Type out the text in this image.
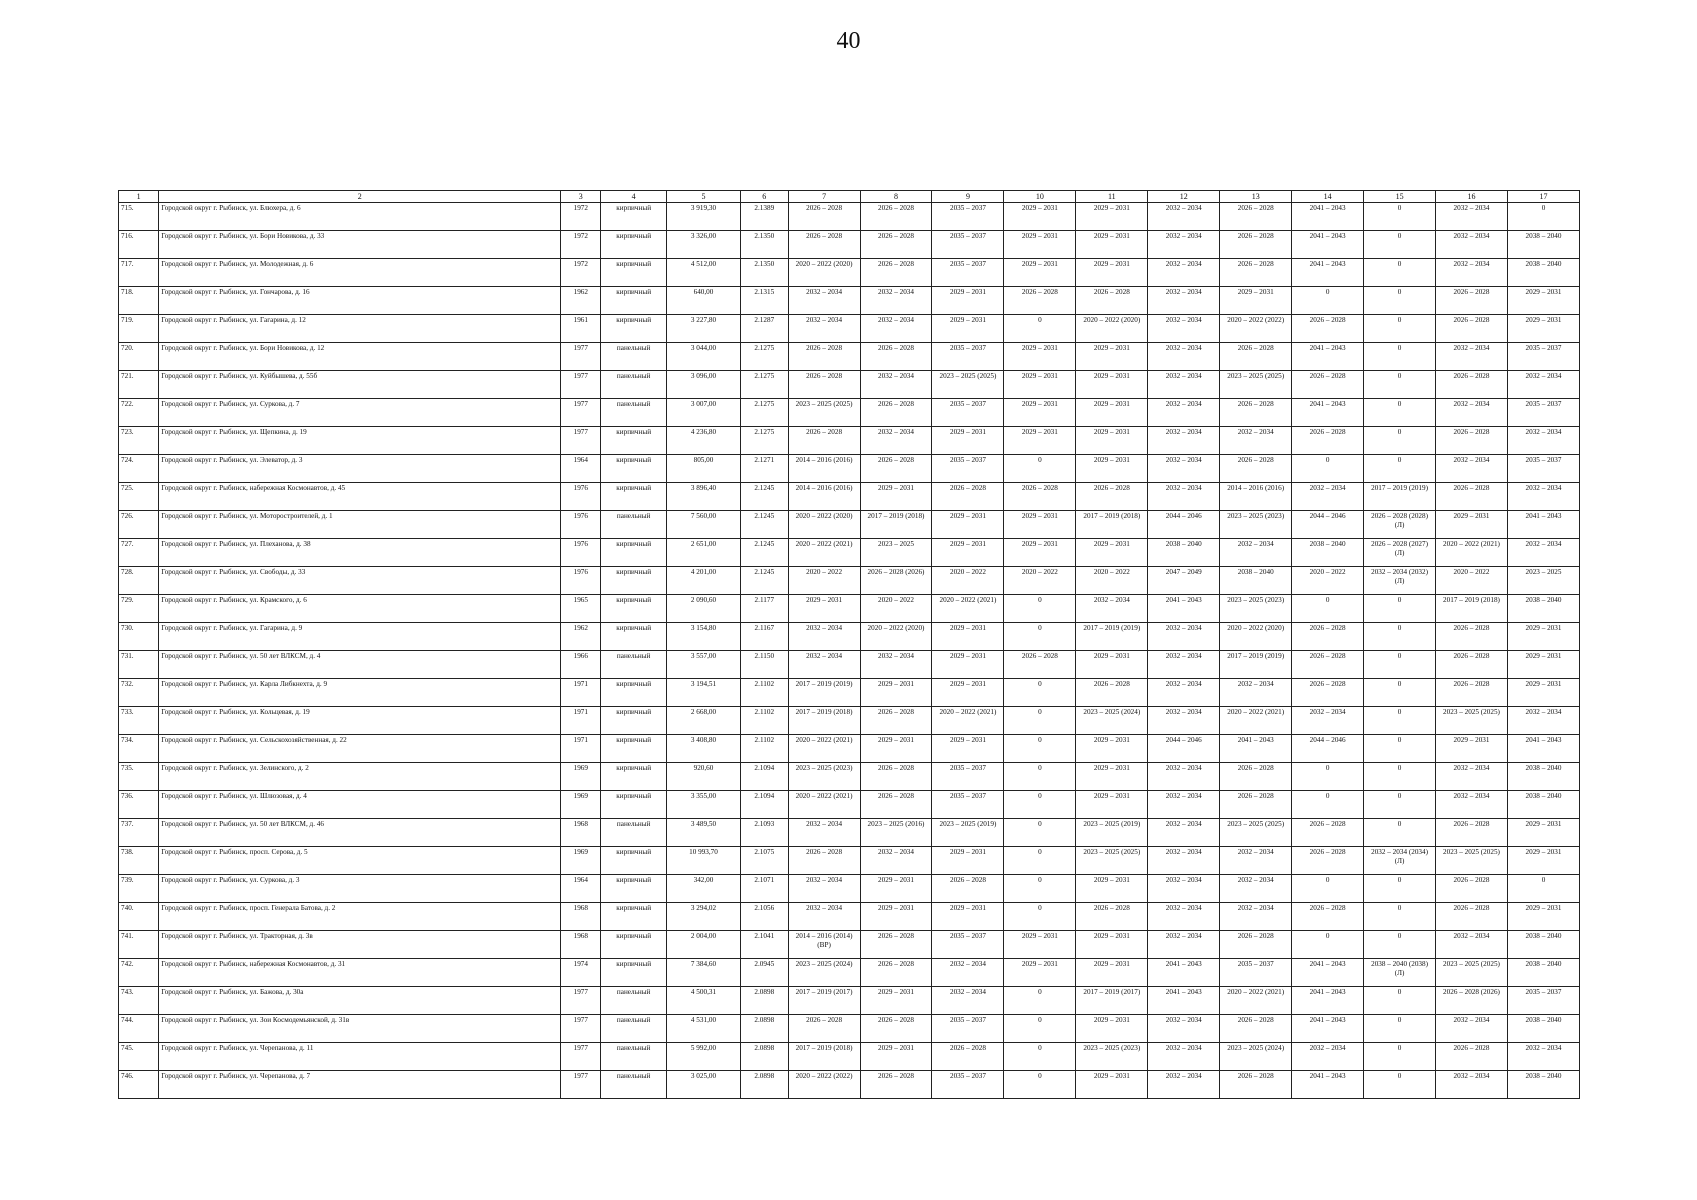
40
1	2	3	4	5	6	7	8	9	10	11	12	13	14	15	16	17
715.	Городской округ г. Рыбинск, ул. Блюхера, д. 6	1972	кирпичный	3 919,30	2.1389	2026 – 2028	2026 – 2028	2035 – 2037	2029 – 2031	2029 – 2031	2032 – 2034	2026 – 2028	2041 – 2043	0	2032 – 2034	0
716.	Городской округ г. Рыбинск, ул. Бори Новикова, д. 33	1972	кирпичный	3 326,00	2.1350	2026 – 2028	2026 – 2028	2035 – 2037	2029 – 2031	2029 – 2031	2032 – 2034	2026 – 2028	2041 – 2043	0	2032 – 2034	2038 – 2040
717.	Городской округ г. Рыбинск, ул. Молодежная, д. 6	1972	кирпичный	4 512,00	2.1350	2020 – 2022 (2020)	2026 – 2028	2035 – 2037	2029 – 2031	2029 – 2031	2032 – 2034	2026 – 2028	2041 – 2043	0	2032 – 2034	2038 – 2040
718.	Городской округ г. Рыбинск, ул. Гончарова, д. 16	1962	кирпичный	640,00	2.1315	2032 – 2034	2032 – 2034	2029 – 2031	2026 – 2028	2026 – 2028	2032 – 2034	2029 – 2031	0	0	2026 – 2028	2029 – 2031
719.	Городской округ г. Рыбинск, ул. Гагарина, д. 12	1961	кирпичный	3 227,80	2.1287	2032 – 2034	2032 – 2034	2029 – 2031	0	2020 – 2022 (2020)	2032 – 2034	2020 – 2022 (2022)	2026 – 2028	0	2026 – 2028	2029 – 2031
720.	Городской округ г. Рыбинск, ул. Бори Новикова, д. 12	1977	панельный	3 044,00	2.1275	2026 – 2028	2026 – 2028	2035 – 2037	2029 – 2031	2029 – 2031	2032 – 2034	2026 – 2028	2041 – 2043	0	2032 – 2034	2035 – 2037
721.	Городской округ г. Рыбинск, ул. Куйбышева, д. 55б	1977	панельный	3 096,00	2.1275	2026 – 2028	2032 – 2034	2023 – 2025 (2025)	2029 – 2031	2029 – 2031	2032 – 2034	2023 – 2025 (2025)	2026 – 2028	0	2026 – 2028	2032 – 2034
722.	Городской округ г. Рыбинск, ул. Суркова, д. 7	1977	панельный	3 007,00	2.1275	2023 – 2025 (2025)	2026 – 2028	2035 – 2037	2029 – 2031	2029 – 2031	2032 – 2034	2026 – 2028	2041 – 2043	0	2032 – 2034	2035 – 2037
723.	Городской округ г. Рыбинск, ул. Щепкина, д. 19	1977	кирпичный	4 236,80	2.1275	2026 – 2028	2032 – 2034	2029 – 2031	2029 – 2031	2029 – 2031	2032 – 2034	2032 – 2034	2026 – 2028	0	2026 – 2028	2032 – 2034
724.	Городской округ г. Рыбинск, ул. Элеватор, д. 3	1964	кирпичный	805,00	2.1271	2014 – 2016 (2016)	2026 – 2028	2035 – 2037	0	2029 – 2031	2032 – 2034	2026 – 2028	0	0	2032 – 2034	2035 – 2037
725.	Городской округ г. Рыбинск, набережная Космонавтов, д. 45	1976	кирпичный	3 896,40	2.1245	2014 – 2016 (2016)	2029 – 2031	2026 – 2028	2026 – 2028	2026 – 2028	2032 – 2034	2014 – 2016 (2016)	2032 – 2034	2017 – 2019 (2019)	2026 – 2028	2032 – 2034
726.	Городской округ г. Рыбинск, ул. Моторостроителей, д. 1	1976	панельный	7 560,00	2.1245	2020 – 2022 (2020)	2017 – 2019 (2018)	2029 – 2031	2029 – 2031	2017 – 2019 (2018)	2044 – 2046	2023 – 2025 (2023)	2044 – 2046	2026 – 2028 (2028) (Л)	2029 – 2031	2041 – 2043
727.	Городской округ г. Рыбинск, ул. Плеханова, д. 38	1976	кирпичный	2 651,00	2.1245	2020 – 2022 (2021)	2023 – 2025	2029 – 2031	2029 – 2031	2029 – 2031	2038 – 2040	2032 – 2034	2038 – 2040	2026 – 2028 (2027) (Л)	2020 – 2022 (2021)	2032 – 2034
728.	Городской округ г. Рыбинск, ул. Свободы, д. 33	1976	кирпичный	4 201,00	2.1245	2020 – 2022	2026 – 2028 (2026)	2020 – 2022	2020 – 2022	2020 – 2022	2047 – 2049	2038 – 2040	2020 – 2022	2032 – 2034 (2032) (Л)	2020 – 2022	2023 – 2025
729.	Городской округ г. Рыбинск, ул. Крамского, д. 6	1965	кирпичный	2 090,60	2.1177	2029 – 2031	2020 – 2022	2020 – 2022 (2021)	0	2032 – 2034	2041 – 2043	2023 – 2025 (2023)	0	0	2017 – 2019 (2018)	2038 – 2040
730.	Городской округ г. Рыбинск, ул. Гагарина, д. 9	1962	кирпичный	3 154,80	2.1167	2032 – 2034	2020 – 2022 (2020)	2029 – 2031	0	2017 – 2019 (2019)	2032 – 2034	2020 – 2022 (2020)	2026 – 2028	0	2026 – 2028	2029 – 2031
731.	Городской округ г. Рыбинск, ул. 50 лет ВЛКСМ, д. 4	1966	панельный	3 557,00	2.1150	2032 – 2034	2032 – 2034	2029 – 2031	2026 – 2028	2029 – 2031	2032 – 2034	2017 – 2019 (2019)	2026 – 2028	0	2026 – 2028	2029 – 2031
732.	Городской округ г. Рыбинск, ул. Карла Либкнехта, д. 9	1971	кирпичный	3 194,51	2.1102	2017 – 2019 (2019)	2029 – 2031	2029 – 2031	0	2026 – 2028	2032 – 2034	2032 – 2034	2026 – 2028	0	2026 – 2028	2029 – 2031
733.	Городской округ г. Рыбинск, ул. Кольцевая, д. 19	1971	кирпичный	2 668,00	2.1102	2017 – 2019 (2018)	2026 – 2028	2020 – 2022 (2021)	0	2023 – 2025 (2024)	2032 – 2034	2020 – 2022 (2021)	2032 – 2034	0	2023 – 2025 (2025)	2032 – 2034
734.	Городской округ г. Рыбинск, ул. Сельскохозяйственная, д. 22	1971	кирпичный	3 408,80	2.1102	2020 – 2022 (2021)	2029 – 2031	2029 – 2031	0	2029 – 2031	2044 – 2046	2041 – 2043	2044 – 2046	0	2029 – 2031	2041 – 2043
735.	Городской округ г. Рыбинск, ул. Зелинского, д. 2	1969	кирпичный	920,60	2.1094	2023 – 2025 (2023)	2026 – 2028	2035 – 2037	0	2029 – 2031	2032 – 2034	2026 – 2028	0	0	2032 – 2034	2038 – 2040
736.	Городской округ г. Рыбинск, ул. Шлюзовая, д. 4	1969	кирпичный	3 355,00	2.1094	2020 – 2022 (2021)	2026 – 2028	2035 – 2037	0	2029 – 2031	2032 – 2034	2026 – 2028	0	0	2032 – 2034	2038 – 2040
737.	Городской округ г. Рыбинск, ул. 50 лет ВЛКСМ, д. 46	1968	панельный	3 489,50	2.1093	2032 – 2034	2023 – 2025 (2016)	2023 – 2025 (2019)	0	2023 – 2025 (2019)	2032 – 2034	2023 – 2025 (2025)	2026 – 2028	0	2026 – 2028	2029 – 2031
738.	Городской округ г. Рыбинск, просп. Серова, д. 5	1969	кирпичный	10 993,70	2.1075	2026 – 2028	2032 – 2034	2029 – 2031	0	2023 – 2025 (2025)	2032 – 2034	2032 – 2034	2026 – 2028	2032 – 2034 (2034) (Л)	2023 – 2025 (2025)	2029 – 2031
739.	Городской округ г. Рыбинск, ул. Суркова, д. 3	1964	кирпичный	342,00	2.1071	2032 – 2034	2029 – 2031	2026 – 2028	0	2029 – 2031	2032 – 2034	2032 – 2034	0	0	2026 – 2028	0
740.	Городской округ г. Рыбинск, просп. Генерала Батова, д. 2	1968	кирпичный	3 294,02	2.1056	2032 – 2034	2029 – 2031	2029 – 2031	0	2026 – 2028	2032 – 2034	2032 – 2034	2026 – 2028	0	2026 – 2028	2029 – 2031
741.	Городской округ г. Рыбинск, ул. Тракторная, д. 3в	1968	кирпичный	2 004,00	2.1041	2014 – 2016 (2014) (ВР)	2026 – 2028	2035 – 2037	2029 – 2031	2029 – 2031	2032 – 2034	2026 – 2028	0	0	2032 – 2034	2038 – 2040
742.	Городской округ г. Рыбинск, набережная Космонавтов, д. 31	1974	кирпичный	7 384,60	2.0945	2023 – 2025 (2024)	2026 – 2028	2032 – 2034	2029 – 2031	2029 – 2031	2041 – 2043	2035 – 2037	2041 – 2043	2038 – 2040 (2038) (Л)	2023 – 2025 (2025)	2038 – 2040
743.	Городской округ г. Рыбинск, ул. Бажова, д. 30а	1977	панельный	4 500,31	2.0898	2017 – 2019 (2017)	2029 – 2031	2032 – 2034	0	2017 – 2019 (2017)	2041 – 2043	2020 – 2022 (2021)	2041 – 2043	0	2026 – 2028 (2026)	2035 – 2037
744.	Городской округ г. Рыбинск, ул. Зои Космодемьянской, д. 31в	1977	панельный	4 531,00	2.0898	2026 – 2028	2026 – 2028	2035 – 2037	0	2029 – 2031	2032 – 2034	2026 – 2028	2041 – 2043	0	2032 – 2034	2038 – 2040
745.	Городской округ г. Рыбинск, ул. Черепанова, д. 11	1977	панельный	5 992,00	2.0898	2017 – 2019 (2018)	2029 – 2031	2026 – 2028	0	2023 – 2025 (2023)	2032 – 2034	2023 – 2025 (2024)	2032 – 2034	0	2026 – 2028	2032 – 2034
746.	Городской округ г. Рыбинск, ул. Черепанова, д. 7	1977	панельный	3 025,00	2.0898	2020 – 2022 (2022)	2026 – 2028	2035 – 2037	0	2029 – 2031	2032 – 2034	2026 – 2028	2041 – 2043	0	2032 – 2034	2038 – 2040
